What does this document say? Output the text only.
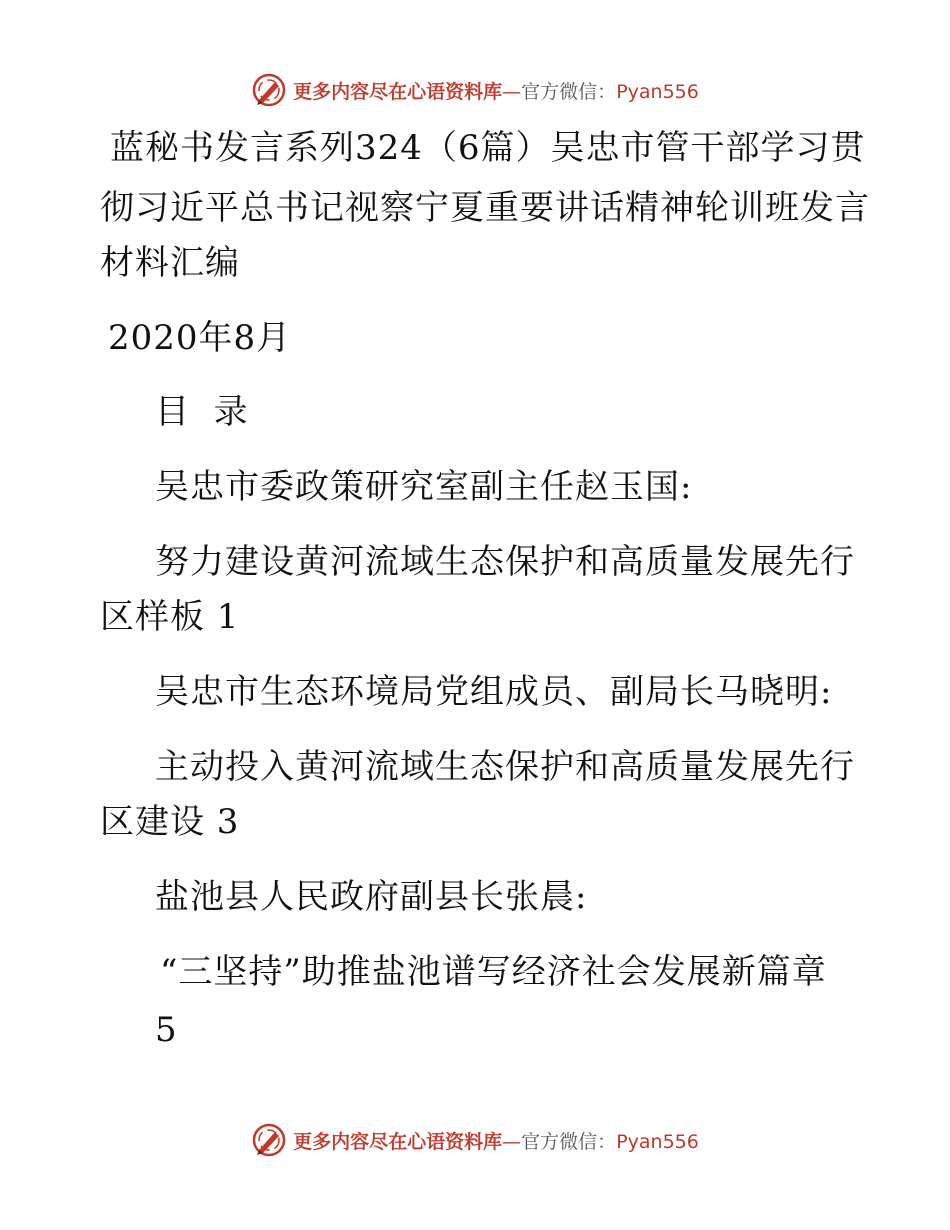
更多内容尽在心语资料库—官方微信：Pyan556
蓝秘书发言系列324（6篇）吴忠市管干部学习贯
彻习近平总书记视察宁夏重要讲话精神轮训班发言
材料汇编
2020年8月
目  录
吴忠市委政策研究室副主任赵玉国:
努力建设黄河流域生态保护和高质量发展先行
区样板 1
吴忠市生态环境局党组成员、副局长马晓明:
主动投入黄河流域生态保护和高质量发展先行
区建设 3
盐池县人民政府副县长张晨:
“三坚持”助推盐池谱写经济社会发展新篇章
5
更多内容尽在心语资料库—官方微信：Pyan556
